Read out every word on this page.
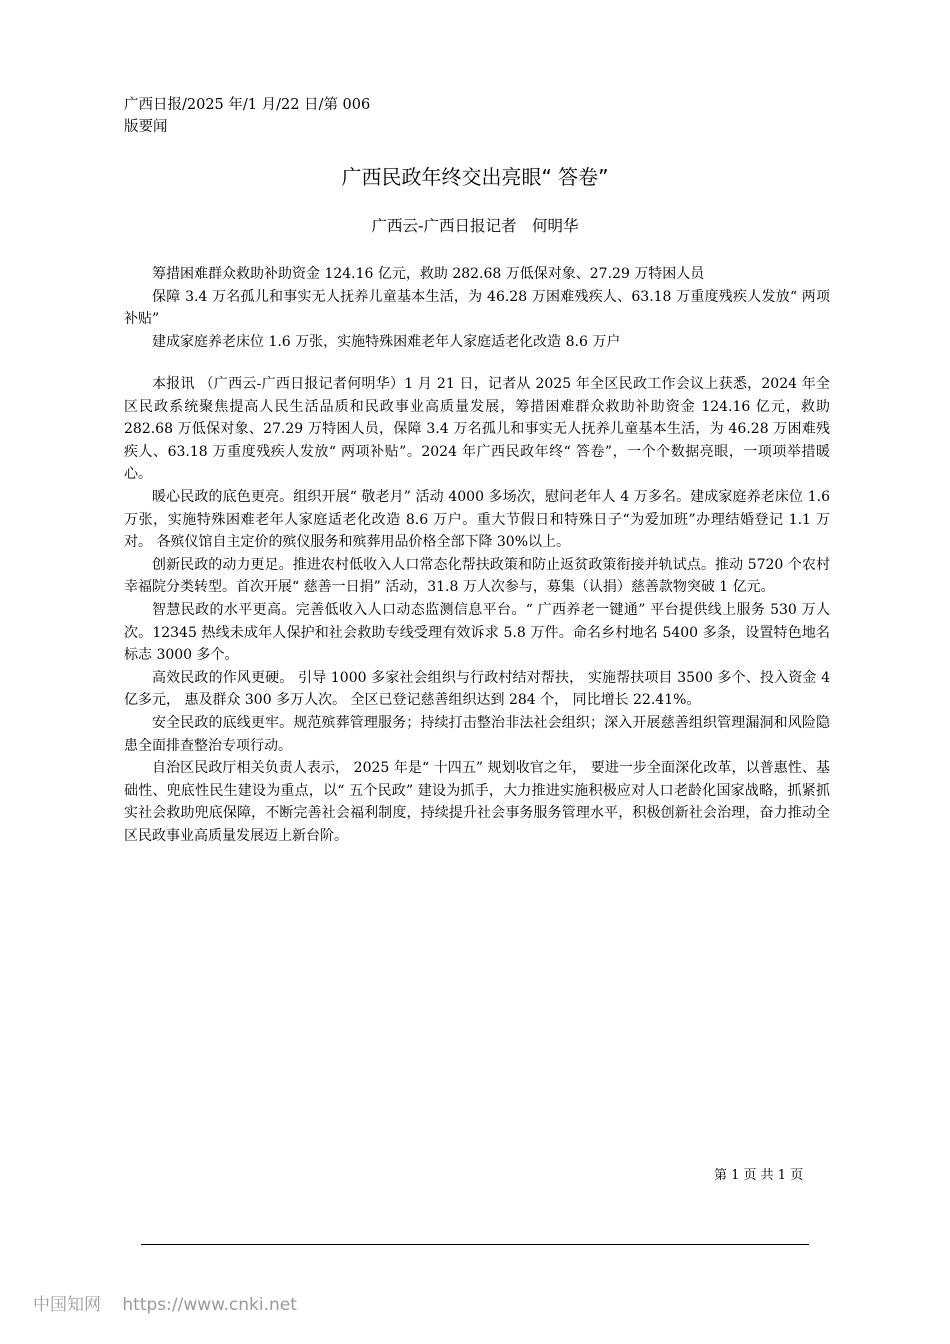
广西日报/2025 年/1 月/22 日/第 006
版要闻
广西民政年终交出亮眼“ 答卷”
广西云-广西日报记者　何明华

筹措困难群众救助补助资金 124.16 亿元，救助 282.68 万低保对象、27.29 万特困人员

保障 3.4 万名孤儿和事实无人抚养儿童基本生活，为 46.28 万困难残疾人、63.18 万重度残疾人发放“ 两项补贴”

建成家庭养老床位 1.6 万张，实施特殊困难老年人家庭适老化改造 8.6 万户

本报讯 （广西云-广西日报记者何明华）1 月 21 日，记者从 2025 年全区民政工作会议上获悉，2024 年全区民政系统聚焦提高人民生活品质和民政事业高质量发展，筹措困难群众救助补助资金 124.16 亿元，救助 282.68 万低保对象、27.29 万特困人员，保障 3.4 万名孤儿和事实无人抚养儿童基本生活，为 46.28 万困难残疾人、63.18 万重度残疾人发放“ 两项补贴”。2024 年广西民政年终“ 答卷”，一个个数据亮眼，一项项举措暖心。

暖心民政的底色更亮。组织开展“ 敬老月” 活动 4000 多场次，慰问老年人 4 万多名。建成家庭养老床位 1.6 万张，实施特殊困难老年人家庭适老化改造 8.6 万户。重大节假日和特殊日子“为爱加班”办理结婚登记 1.1 万对。 各殡仪馆自主定价的殡仪服务和殡葬用品价格全部下降 30%以上。

创新民政的动力更足。推进农村低收入人口常态化帮扶政策和防止返贫政策衔接并轨试点。推动 5720 个农村幸福院分类转型。首次开展“ 慈善一日捐” 活动，31.8 万人次参与，募集（认捐）慈善款物突破 1 亿元。

智慧民政的水平更高。完善低收入人口动态监测信息平台。“ 广西养老一键通” 平台提供线上服务 530 万人次。12345 热线未成年人保护和社会救助专线受理有效诉求 5.8 万件。命名乡村地名 5400 多条，设置特色地名标志 3000 多个。

高效民政的作风更硬。 引导 1000 多家社会组织与行政村结对帮扶， 实施帮扶项目 3500 多个、投入资金 4 亿多元， 惠及群众 300 多万人次。 全区已登记慈善组织达到 284 个， 同比增长 22.41%。

安全民政的底线更牢。规范殡葬管理服务；持续打击整治非法社会组织；深入开展慈善组织管理漏洞和风险隐患全面排查整治专项行动。

自治区民政厅相关负责人表示， 2025 年是“ 十四五” 规划收官之年， 要进一步全面深化改革，以普惠性、基础性、兜底性民生建设为重点，以“ 五个民政” 建设为抓手，大力推进实施积极应对人口老龄化国家战略，抓紧抓实社会救助兜底保障，不断完善社会福利制度，持续提升社会事务服务管理水平，积极创新社会治理，奋力推动全区民政事业高质量发展迈上新台阶。

第 1 页 共 1 页
中国知网 https://www.cnki.net
